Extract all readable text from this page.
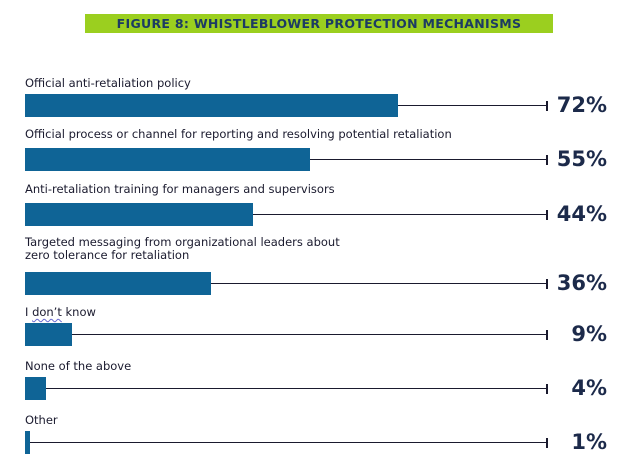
FIGURE 8: WHISTLEBLOWER PROTECTION MECHANISMS
Official anti-retaliation policy
72%
Official process or channel for reporting and resolving potential retaliation
55%
Anti-retaliation training for managers and supervisors
44%
Targeted messaging from organizational leaders about zero tolerance for retaliation
36%
I don’t know
9%
None of the above
4%
Other
1%
